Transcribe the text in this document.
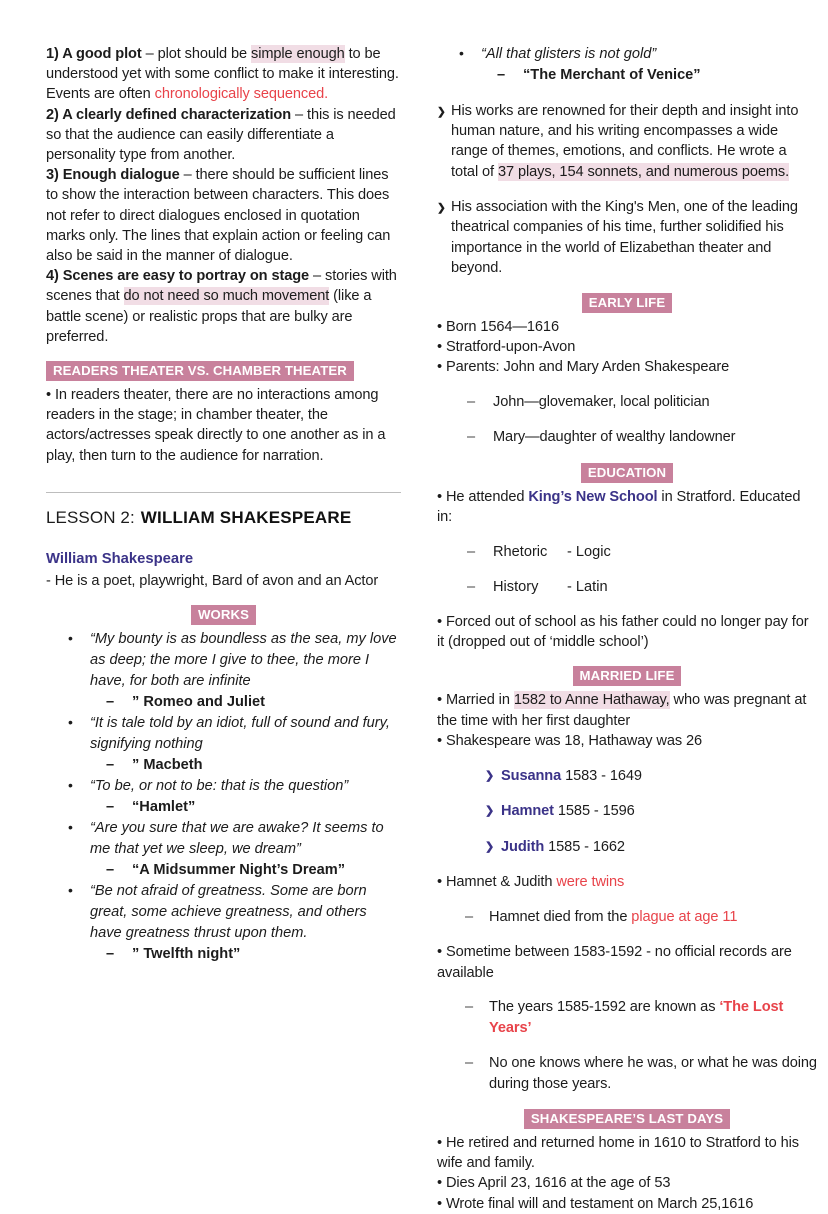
1) A good plot – plot should be simple enough to be understood yet with some conflict to make it interesting. Events are often chronologically sequenced.

2) A clearly defined characterization – this is needed so that the audience can easily differentiate a personality type from another.

3) Enough dialogue – there should be sufficient lines to show the interaction between characters. This does not refer to direct dialogues enclosed in quotation marks only. The lines that explain action or feeling can also be said in the manner of dialogue.

4) Scenes are easy to portray on stage – stories with scenes that do not need so much movement (like a battle scene) or realistic props that are bulky are preferred.

READERS THEATER VS. CHAMBER THEATER

• In readers theater, there are no interactions among readers in the stage; in chamber theater, the actors/actresses speak directly to one another as in a play, then turn to the audience for narration.

LESSON 2: WILLIAM SHAKESPEARE

William Shakespeare

- He is a poet, playwright, Bard of avon and an Actor

WORKS
• “My bounty is as boundless as the sea, my love as deep; the more I give to thee, the more I have, for both are infinite
– ” Romeo and Juliet
• “It is tale told by an idiot, full of sound and fury, signifying nothing
– ” Macbeth
• “To be, or not to be: that is the question”
– “Hamlet”
• “Are you sure that we are awake? It seems to me that yet we sleep, we dream”
– “A Midsummer Night’s Dream”
• “Be not afraid of greatness. Some are born great, some achieve greatness, and others have greatness thrust upon them.
– ” Twelfth night”
• “All that glisters is not gold”
– “The Merchant of Venice”

❯ His works are renowned for their depth and insight into human nature, and his writing encompasses a wide range of themes, emotions, and conflicts. He wrote a total of 37 plays, 154 sonnets, and numerous poems.

❯ His association with the King's Men, one of the leading theatrical companies of his time, further solidified his importance in the world of Elizabethan theater and beyond.

EARLY LIFE

• Born 1564—1616

• Stratford-upon-Avon

• Parents: John and Mary Arden Shakespeare

– John—glovemaker, local politician

– Mary—daughter of wealthy landowner

EDUCATION

• He attended King’s New School in Stratford. Educated in:

– Rhetoric - Logic

– History - Latin

• Forced out of school as his father could no longer pay for it (dropped out of ‘middle school’)

MARRIED LIFE

• Married in 1582 to Anne Hathaway, who was pregnant at the time with her first daughter

• Shakespeare was 18, Hathaway was 26

❯ Susanna 1583 - 1649

❯ Hamnet 1585 - 1596

❯ Judith 1585 - 1662

• Hamnet & Judith were twins

– Hamnet died from the plague at age 11

• Sometime between 1583-1592 - no official records are available

– The years 1585-1592 are known as ‘The Lost Years’

– No one knows where he was, or what he was doing during those years.

SHAKESPEARE’S LAST DAYS

• He retired and returned home in 1610 to Stratford to his wife and family.

• Dies April 23, 1616 at the age of 53

• Wrote final will and testament on March 25,1616
